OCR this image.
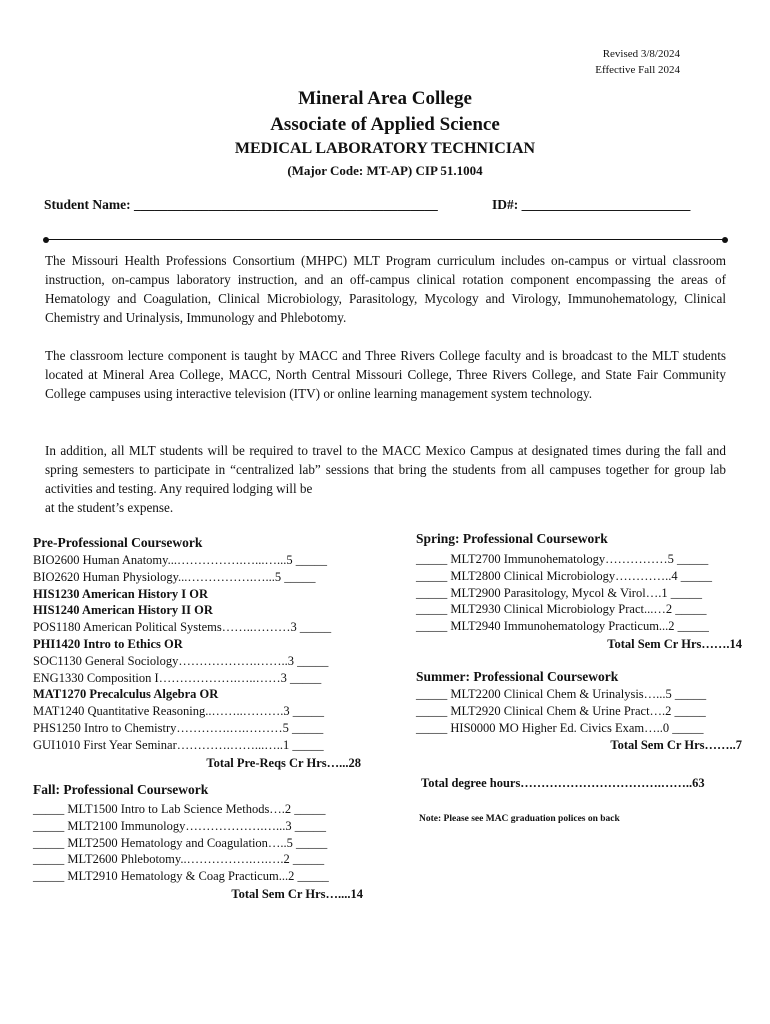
Revised 3/8/2024
Effective Fall 2024
Mineral Area College
Associate of Applied Science
MEDICAL LABORATORY TECHNICIAN
(Major Code: MT-AP) CIP 51.1004
Student Name: _____________________________________________	ID#: _________________________
The Missouri Health Professions Consortium (MHPC) MLT Program curriculum includes on-campus or virtual classroom instruction, on-campus laboratory instruction, and an off-campus clinical rotation component encompassing the areas of Hematology and Coagulation, Clinical Microbiology, Parasitology, Mycology and Virology, Immunohematology, Clinical Chemistry and Urinalysis, Immunology and Phlebotomy.
The classroom lecture component is taught by MACC and Three Rivers College faculty and is broadcast to the MLT students located at Mineral Area College, MACC, North Central Missouri College, Three Rivers College, and State Fair Community College campuses using interactive television (ITV) or online learning management system technology.
In addition, all MLT students will be required to travel to the MACC Mexico Campus at designated times during the fall and spring semesters to participate in “centralized lab” sessions that bring the students from all campuses together for group lab activities and testing. Any required lodging will be
at the student’s expense.
Pre-Professional Coursework
BIO2600 Human Anatomy...…………….…...…...5 _____
BIO2620 Human Physiology...…………….…...5 _____
HIS1230 American History I OR
HIS1240 American History II OR
POS1180 American Political Systems……..………3 _____
PHI1420 Intro to Ethics OR
SOC1130 General Sociology……………….……..3 _____
ENG1330 Composition I……………….…..……3 _____
MAT1270 Precalculus Algebra OR
MAT1240 Quantitative Reasoning..……..……….3 _____
PHS1250 Intro to Chemistry………….….………5 _____
GUI1010 First Year Seminar………….……...…..1 _____
Total Pre-Reqs Cr Hrs…...28
Fall: Professional Coursework
_____ MLT1500 Intro to Lab Science Methods….2 _____
_____ MLT2100 Immunology……………….…...3 _____
_____ MLT2500 Hematology and Coagulation…..5 _____
_____ MLT2600 Phlebotomy..…………….….….2 _____
_____ MLT2910 Hematology & Coag Practicum...2 _____
Total Sem Cr Hrs…....14
Spring: Professional Coursework
_____ MLT2700 Immunohematology……………5 _____
_____ MLT2800 Clinical Microbiology…………..4 _____
_____ MLT2900 Parasitology, Mycol & Virol….1 _____
_____ MLT2930 Clinical Microbiology Pract...…2 _____
_____ MLT2940 Immunohematology Practicum...2 _____
Total Sem Cr Hrs…….14
Summer: Professional Coursework
_____ MLT2200 Clinical Chem & Urinalysis…...5 _____
_____ MLT2920 Clinical Chem & Urine Pract….2 _____
_____ HIS0000 MO Higher Ed. Civics Exam…..0 _____
Total Sem Cr Hrs……..7
Total degree hours…………………………….……..63
Note: Please see MAC graduation polices on back
